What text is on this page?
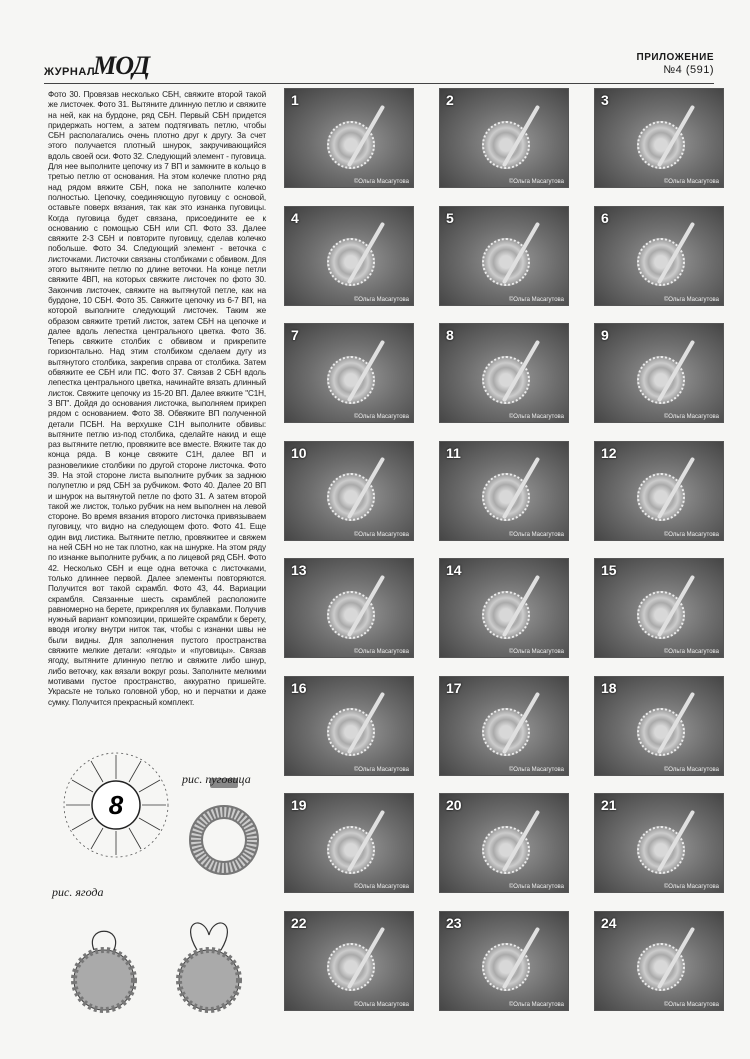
ЖУРНАЛ
МОД	ПРИЛОЖЕНИЕ
№4 (591)
Фото 30. Провязав несколько СБН, свяжите второй такой же листочек. Фото 31. Вытяните длинную петлю и свяжите на ней, как на бурдоне, ряд СБН. Первый СБН придется придержать ногтем, а затем подтягивать петлю, чтобы СБН располагались очень плотно друг к другу. За счет этого получается плотный шнурок, закручивающийся вдоль своей оси. Фото 32. Следующий элемент - пуговица. Для нее выполните цепочку из 7 ВП и замкните в кольцо в третью петлю от основания. На этом колечке плотно ряд над рядом вяжите СБН, пока не заполните колечко полностью. Цепочку, соединяющую пуговицу с основой, оставьте поверх вязания, так как это изнанка пуговицы. Когда пуговица будет связана, присоедините ее к основанию с помощью СБН или СП. Фото 33. Далее свяжите 2-3 СБН и повторите пуговицу, сделав колечко побольше. Фото 34. Следующий элемент - веточка с листочками. Листочки связаны столбиками с обвивом. Для этого вытяните петлю по длине веточки. На конце петли свяжите 4ВП, на которых свяжите листочек по фото 30. Закончив листочек, свяжите на вытянутой петле, как на бурдоне, 10 СБН. Фото 35. Свяжите цепочку из 6-7 ВП, на которой выполните следующий листочек. Таким же образом свяжите третий листок, затем СБН на цепочке и далее вдоль лепестка центрального цветка. Фото 36. Теперь свяжите столбик с обвивом и прикрепите горизонтально. Над этим столбиком сделаем дугу из вытянутого столбика, закрепив справа от столбика. Затем обвяжите ее СБН или ПС. Фото 37. Связав 2 СБН вдоль лепестка центрального цветка, начинайте вязать длинный листок. Свяжите цепочку из 15-20 ВП. Далее вяжите "С1Н, 3 ВП". Дойдя до основания листочка, выполняем прикреп рядом с основанием. Фото 38. Обвяжите ВП полученной детали ПСБН. На верхушке С1Н выполните обвивы: вытяните петлю из-под столбика, сделайте накид и еще раз вытяните петлю, провяжите все вместе. Вяжите так до конца ряда. В конце свяжите С1Н, далее ВП и разновеликие столбики по другой стороне листочка. Фото 39. На этой стороне листа выполните рубчик за заднюю полупетлю и ряд СБН за рубчиком. Фото 40. Далее 20 ВП и шнурок на вытянутой петле по фото 31. А затем второй такой же листок, только рубчик на нем выполнен на левой стороне. Во время вязания второго листочка привязываем пуговицу, что видно на следующем фото. Фото 41. Еще один вид листика. Вытяните петлю, провяжитее и свяжем на ней СБН но не так плотно, как на шнурке. На этом ряду по изнанке выполните рубчик, а по лицевой ряд СБН. Фото 42. Несколько СБН и еще одна веточка с листочками, только длиннее первой. Далее элементы повторяются. Получится вот такой скрамбл. Фото 43, 44. Вариации скрамбля. Связанные шесть скрамблей расположите равномерно на берете, прикрепляя их булавками. Получив нужный вариант композиции, пришейте скрамбли к берету, вводя иголку внутри ниток так, чтобы с изнанки швы не были видны. Для заполнения пустого пространства свяжите мелкие детали: «ягоды» и «пуговицы». Связав ягоду, вытяните длинную петлю и свяжите либо шнур, либо веточку, как вязали вокруг розы. Заполните мелкими мотивами пустое пространство, аккуратно пришейте. Украсьте не только головной убор, но и перчатки и даже сумку. Получится прекрасный комплект.
1
©Ольга Масагутова
2
©Ольга Масагутова
3
©Ольга Масагутова
4
©Ольга Масагутова
5
©Ольга Масагутова
6
©Ольга Масагутова
7
©Ольга Масагутова
8
©Ольга Масагутова
9
©Ольга Масагутова
10
©Ольга Масагутова
11
©Ольга Масагутова
12
©Ольга Масагутова
13
©Ольга Масагутова
14
©Ольга Масагутова
15
©Ольга Масагутова
16
©Ольга Масагутова
17
©Ольга Масагутова
18
©Ольга Масагутова
19
©Ольга Масагутова
20
©Ольга Масагутова
21
©Ольга Масагутова
22
©Ольга Масагутова
23
©Ольга Масагутова
24
©Ольга Масагутова
8
рис. пуговица
рис. ягода
